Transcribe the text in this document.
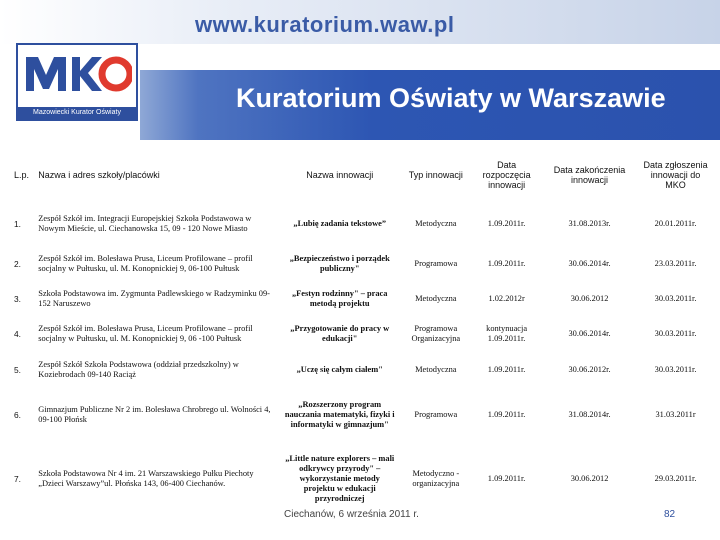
www.kuratorium.waw.pl
Mazowiecki Kurator Oświaty	Kuratorium Oświaty w Warszawie
L.p.	Nazwa i adres szkoły/placówki	Nazwa innowacji	Typ innowacji	Data rozpoczęcia innowacji	Data zakończenia innowacji	Data zgłoszenia innowacji do MKO
1.	Zespół Szkół im. Integracji Europejskiej Szkoła Podstawowa w Nowym Mieście, ul. Ciechanowska 15, 09 - 120 Nowe Miasto	„Lubię zadania tekstowe”	Metodyczna	1.09.2011r.	31.08.2013r.	20.01.2011r.
2.	Zespół Szkół im. Bolesława Prusa, Liceum Profilowane – profil socjalny w Pułtusku, ul. M. Konopnickiej 9, 06-100 Pułtusk	„Bezpieczeństwo i porządek publiczny"	Programowa	1.09.2011r.	30.06.2014r.	23.03.2011r.
3.	Szkoła Podstawowa im. Zygmunta Padlewskiego w Radzyminku 09-152 Naruszewo	„Festyn rodzinny" – praca metodą projektu	Metodyczna	1.02.2012r	30.06.2012	30.03.2011r.
4.	Zespół Szkół im. Bolesława Prusa, Liceum Profilowane – profil socjalny w Pułtusku, ul. M. Konopnickiej 9, 06 -100 Pułtusk	„Przygotowanie do pracy w edukacji"	Programowa Organizacyjna	kontynuacja 1.09.2011r.	30.06.2014r.	30.03.2011r.
5.	Zespół Szkół Szkoła Podstawowa (oddział przedszkolny) w Koziebrodach 09-140 Raciąż	„Uczę się całym ciałem"	Metodyczna	1.09.2011r.	30.06.2012r.	30.03.2011r.
6.	Gimnazjum Publiczne Nr 2 im. Bolesława Chrobrego ul. Wolności 4, 09-100 Płońsk	„Rozszerzony program nauczania matematyki, fizyki i informatyki w gimnazjum"	Programowa	1.09.2011r.	31.08.2014r.	31.03.2011r
7.	Szkoła Podstawowa Nr 4 im. 21 Warszawskiego Pułku Piechoty „Dzieci Warszawy”ul. Płońska 143, 06-400 Ciechanów.	„Little nature explorers – mali odkrywcy przyrody" – wykorzystanie metody projektu w edukacji przyrodniczej	Metodyczno - organizacyjna	1.09.2011r.	30.06.2012	29.03.2011r.
Ciechanów, 6 września 2011 r.	82
